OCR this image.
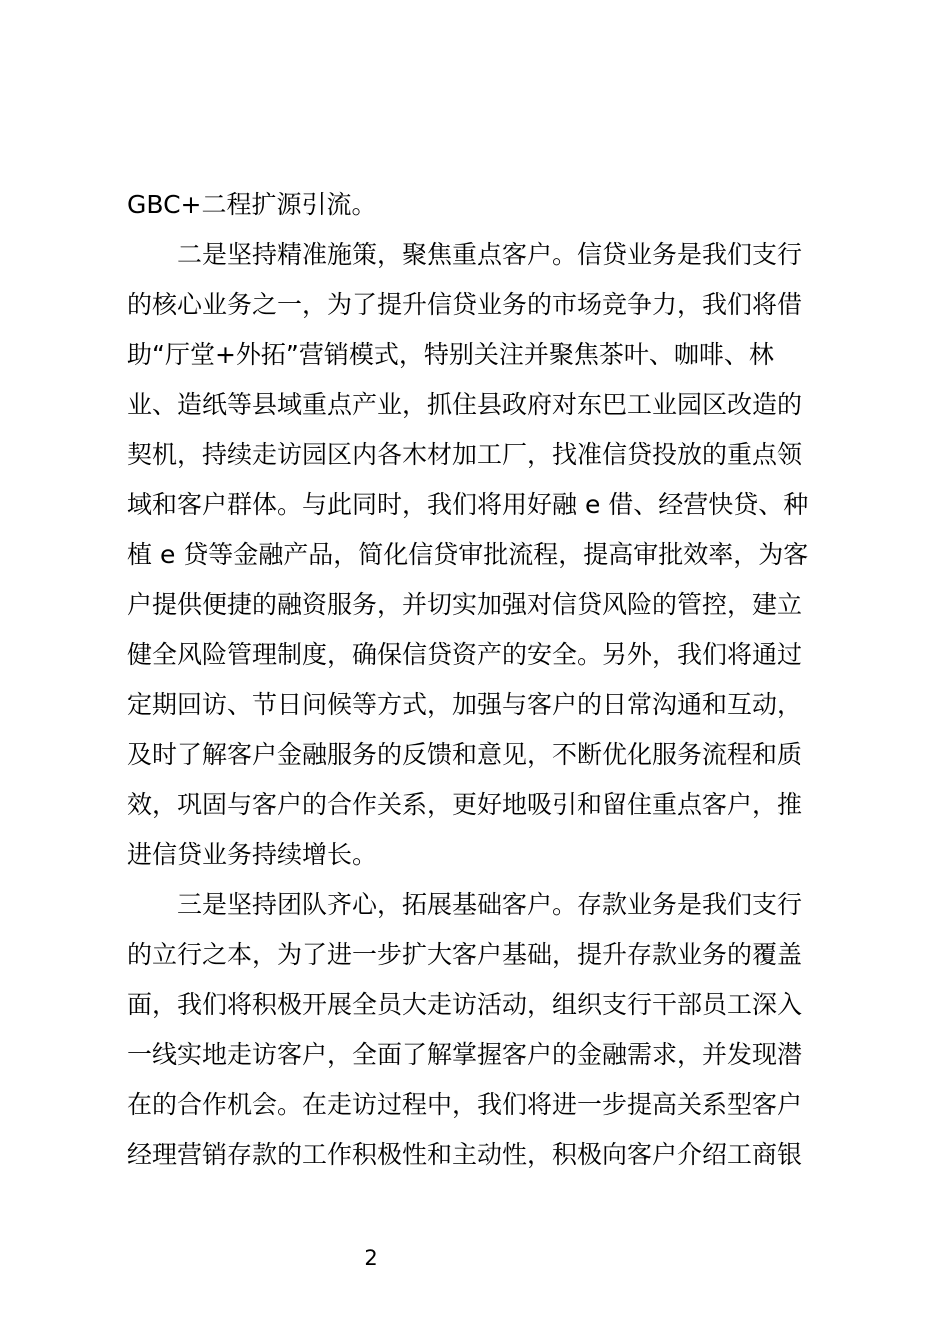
GBC+二程扩源引流。
　　二是坚持精准施策，聚焦重点客户。信贷业务是我们支行
的核心业务之一，为了提升信贷业务的市场竞争力，我们将借
助“厅堂+外拓”营销模式，特别关注并聚焦茶叶、咖啡、林
业、造纸等县域重点产业，抓住县政府对东巴工业园区改造的
契机，持续走访园区内各木材加工厂，找准信贷投放的重点领
域和客户群体。与此同时，我们将用好融 e 借、经营快贷、种
植 e 贷等金融产品，简化信贷审批流程，提高审批效率，为客
户提供便捷的融资服务，并切实加强对信贷风险的管控，建立
健全风险管理制度，确保信贷资产的安全。另外，我们将通过
定期回访、节日问候等方式，加强与客户的日常沟通和互动，
及时了解客户金融服务的反馈和意见，不断优化服务流程和质
效，巩固与客户的合作关系，更好地吸引和留住重点客户，推
进信贷业务持续增长。
　　三是坚持团队齐心，拓展基础客户。存款业务是我们支行
的立行之本，为了进一步扩大客户基础，提升存款业务的覆盖
面，我们将积极开展全员大走访活动，组织支行干部员工深入
一线实地走访客户，全面了解掌握客户的金融需求，并发现潜
在的合作机会。在走访过程中，我们将进一步提高关系型客户
经理营销存款的工作积极性和主动性，积极向客户介绍工商银
2
